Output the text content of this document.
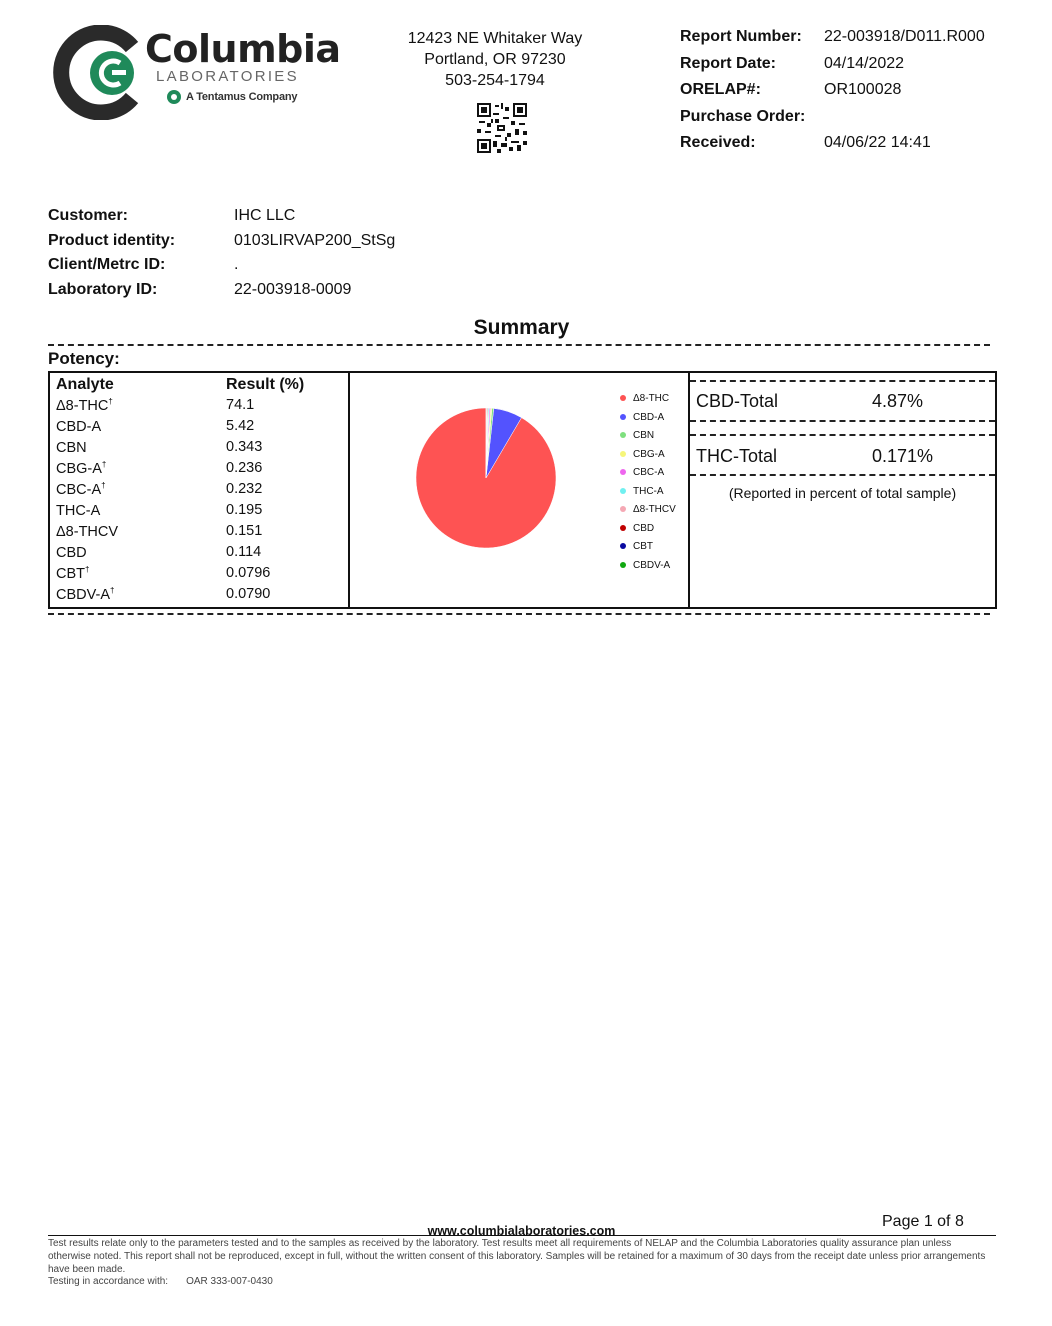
Columbia
LABORATORIES
A Tentamus Company
12423 NE Whitaker Way
Portland, OR 97230
503-254-1794
Report Number: 22-003918/D011.R000
Report Date:	04/14/2022
ORELAP#:	OR100028
Purchase Order:
Received:	04/06/22 14:41
Customer:	IHC LLC
Product identity:	0103LIRVAP200_StSg
Client/Metrc ID:	.
Laboratory ID:	22-003918-0009
Summary
Potency:
Analyte	Result (%)
Δ8-THC†	74.1
CBD-A	5.42
CBN	0.343
CBG-A†	0.236
CBC-A†	0.232
THC-A	0.195
Δ8-THCV	0.151
CBD	0.114
CBT†	0.0796
CBDV-A†	0.0790
Δ8-THC
CBD-A
CBN
CBG-A
CBC-A
THC-A
Δ8-THCV
CBD
CBT
CBDV-A
CBD-Total	4.87%
THC-Total	0.171%
(Reported in percent of total sample)
Page 1 of 8
www.columbialaboratories.com
Test results relate only to the parameters tested and to the samples as received by the laboratory. Test results meet all requirements of NELAP and the Columbia Laboratories quality assurance plan unless otherwise noted. This report shall not be reproduced, except in full, without the written consent of this laboratory. Samples will be retained for a maximum of 30 days from the receipt date unless prior arrangements have been made.
Testing in accordance with: OAR 333-007-0430
